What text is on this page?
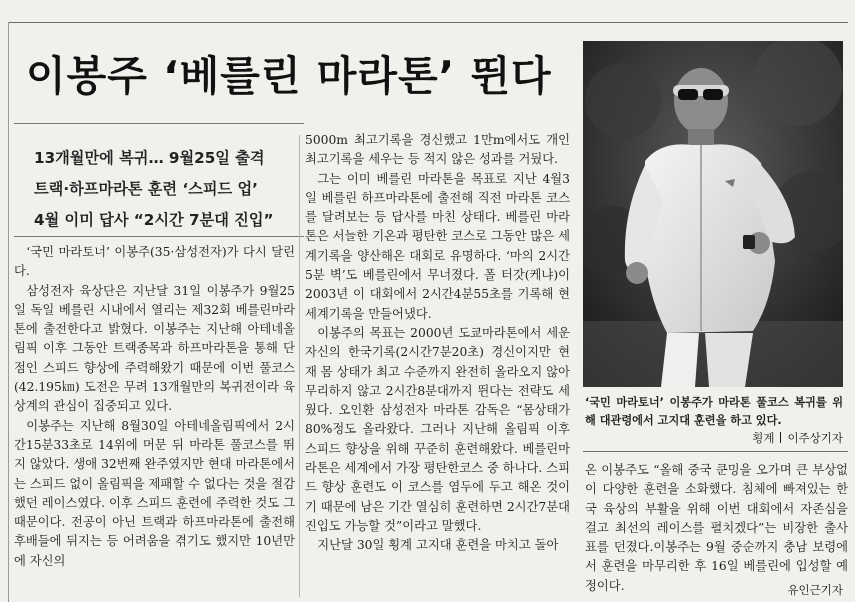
이봉주 ‘베를린 마라톤’ 뛴다
13개월만에 복귀… 9월25일 출격
트랙·하프마라톤 훈련 ‘스피드 업’
4월 이미 답사 “2시간 7분대 진입”

‘국민 마라토너’ 이봉주(35·삼성전자)가 다시 달린다.

삼성전자 육상단은 지난달 31일 이봉주가 9월25일 독일 베를린 시내에서 열리는 제32회 베를린마라톤에 출전한다고 밝혔다. 이봉주는 지난해 아테네올림픽 이후 그동안 트랙종목과 하프마라톤을 통해 단점인 스피드 향상에 주력해왔기 때문에 이번 풀코스(42.195㎞) 도전은 무려 13개월만의 복귀전이라 육상계의 관심이 집중되고 있다.

이봉주는 지난해 8월30일 아테네올림픽에서 2시간15분33초로 14위에 머문 뒤 마라톤 풀코스를 뛰지 않았다. 생애 32번째 완주였지만 현대 마라톤에서는 스피드 없이 올림픽을 제패할 수 없다는 것을 절감했던 레이스였다. 이후 스피드 훈련에 주력한 것도 그 때문이다. 전공이 아닌 트랙과 하프마라톤에 출전해 후배들에 뒤지는 등 어려움을 겪기도 했지만 10년만에 자신의

5000m 최고기록을 경신했고 1만m에서도 개인 최고기록을 세우는 등 적지 않은 성과를 거뒀다.

그는 이미 베를린 마라톤을 목표로 지난 4월3일 베를린 하프마라톤에 출전해 직전 마라톤 코스를 달려보는 등 답사를 마친 상태다. 베를린 마라톤은 서늘한 기온과 평탄한 코스로 그동안 많은 세계기록을 양산해온 대회로 유명하다. ‘마의 2시간5분 벽’도 베를린에서 무너졌다. 폴 터갓(케냐)이 2003년 이 대회에서 2시간4분55초를 기록해 현 세계기록을 만들어냈다.

이봉주의 목표는 2000년 도쿄마라톤에서 세운 자신의 한국기록(2시간7분20초) 경신이지만 현재 몸 상태가 최고 수준까지 완전히 올라오지 않아 무리하지 않고 2시간8분대까지 뛴다는 전략도 세웠다. 오인환 삼성전자 마라톤 감독은 “몸상태가 80%정도 올라왔다. 그러나 지난해 올림픽 이후 스피드 향상을 위해 꾸준히 훈련해왔다. 베를린마라톤은 세계에서 가장 평탄한코스 중 하나다. 스피드 향상 훈련도 이 코스를 염두에 두고 해온 것이기 때문에 남은 기간 열심히 훈련하면 2시간7분대 진입도 가능할 것”이라고 말했다.

지난달 30일 횡계 고지대 훈련을 마치고 돌아

‘국민 마라토너’ 이봉주가 마라톤 풀코스 복귀를 위해 대관령에서 고지대 훈련을 하고 있다.
횡계 이주상기자

온 이봉주도 “올해 중국 쿤밍을 오가며 큰 부상없이 다양한 훈련을 소화했다. 침체에 빠져있는 한국 육상의 부활을 위해 이번 대회에서 자존심을 걸고 최선의 레이스를 펼치겠다”는 비장한 출사표를 던졌다.이봉주는 9월 중순까지 충남 보령에서 훈련을 마무리한 후 16일 베를린에 입성할 예정이다.	유인근기자
